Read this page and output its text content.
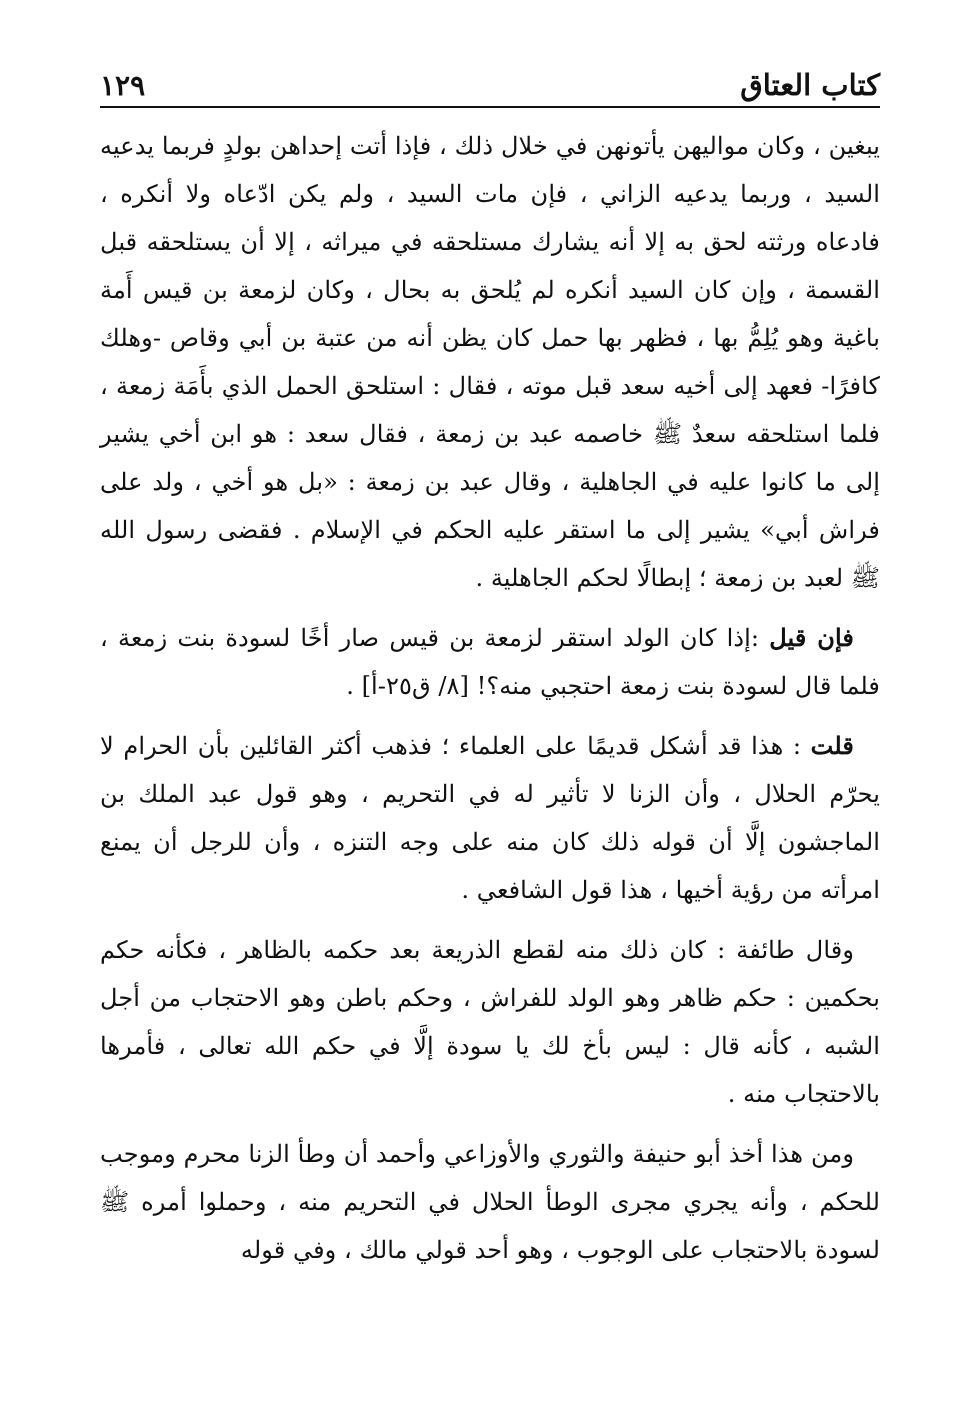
كتاب العتاق
١٢٩

يبغين ، وكان مواليهن يأتونهن في خلال ذلك ، فإذا أتت إحداهن بولدٍ فربما يدعيه السيد ، وربما يدعيه الزاني ، فإن مات السيد ، ولم يكن ادّعاه ولا أنكره ، فادعاه ورثته لحق به إلا أنه يشارك مستلحقه في ميراثه ، إلا أن يستلحقه قبل القسمة ، وإن كان السيد أنكره لم يُلحق به بحال ، وكان لزمعة بن قيس أَمة باغية وهو يُلِمُّ بها ، فظهر بها حمل كان يظن أنه من عتبة بن أبي وقاص -وهلك كافرًا- فعهد إلى أخيه سعد قبل موته ، فقال : استلحق الحمل الذي بأَمَة زمعة ، فلما استلحقه سعدٌ ﷺ خاصمه عبد بن زمعة ، فقال سعد : هو ابن أخي يشير إلى ما كانوا عليه في الجاهلية ، وقال عبد بن زمعة : «بل هو أخي ، ولد على فراش أبي» يشير إلى ما استقر عليه الحكم في الإسلام . فقضى رسول الله ﷺ لعبد بن زمعة ؛ إبطالًا لحكم الجاهلية .

فإن قيل :إذا كان الولد استقر لزمعة بن قيس صار أخًا لسودة بنت زمعة ، فلما قال لسودة بنت زمعة احتجبي منه؟! [٨/ ق٢٥-أ] .

قلت : هذا قد أشكل قديمًا على العلماء ؛ فذهب أكثر القائلين بأن الحرام لا يحرّم الحلال ، وأن الزنا لا تأثير له في التحريم ، وهو قول عبد الملك بن الماجشون إلَّا أن قوله ذلك كان منه على وجه التنزه ، وأن للرجل أن يمنع امرأته من رؤية أخيها ، هذا قول الشافعي .

وقال طائفة : كان ذلك منه لقطع الذريعة بعد حكمه بالظاهر ، فكأنه حكم بحكمين : حكم ظاهر وهو الولد للفراش ، وحكم باطن وهو الاحتجاب من أجل الشبه ، كأنه قال : ليس بأخ لك يا سودة إلَّا في حكم الله تعالى ، فأمرها بالاحتجاب منه .

ومن هذا أخذ أبو حنيفة والثوري والأوزاعي وأحمد أن وطأ الزنا محرم وموجب للحكم ، وأنه يجري مجرى الوطأ الحلال في التحريم منه ، وحملوا أمره ﷺ لسودة بالاحتجاب على الوجوب ، وهو أحد قولي مالك ، وفي قوله
